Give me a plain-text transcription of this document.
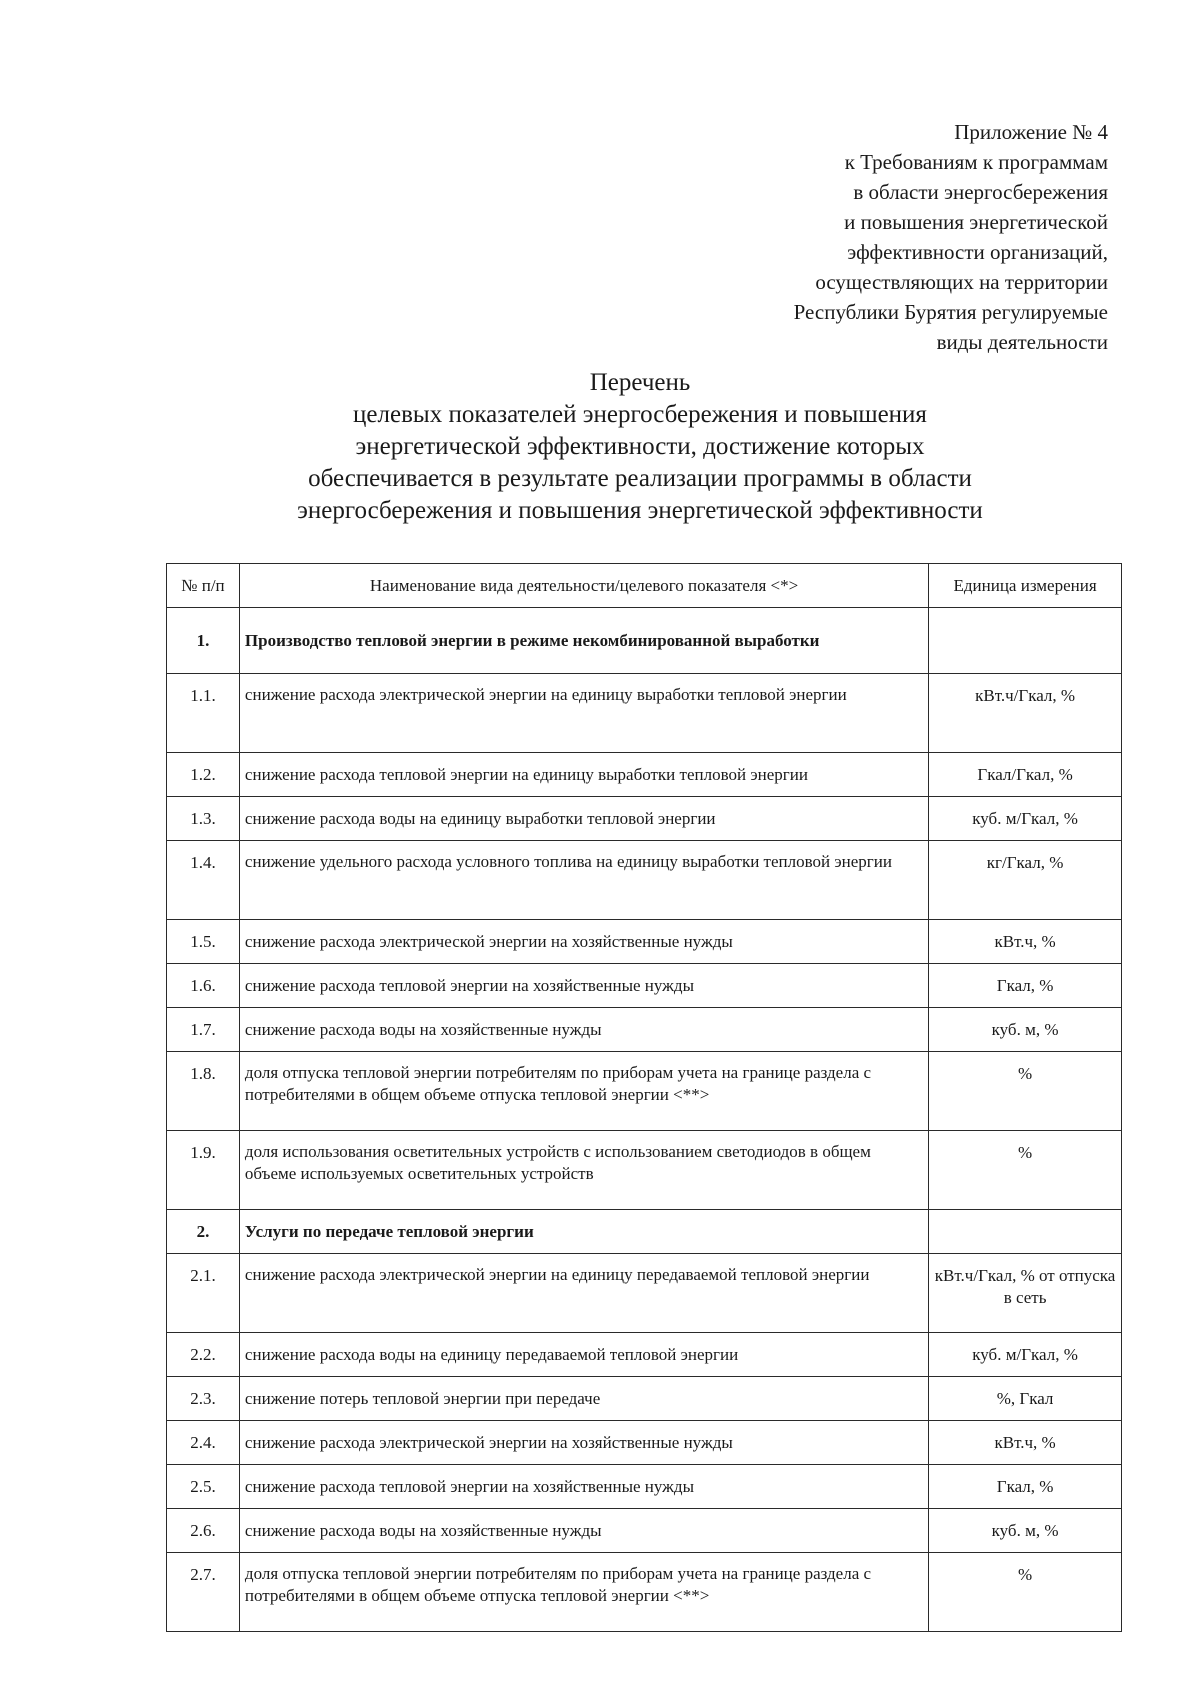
Приложение № 4
к Требованиям к программам
в области энергосбережения
и повышения энергетической
эффективности организаций,
осуществляющих на территории
Республики Бурятия регулируемые
виды деятельности
Перечень
целевых показателей энергосбережения и повышения
энергетической эффективности, достижение которых
обеспечивается в результате реализации программы в области
энергосбережения и повышения энергетической эффективности
№ п/п	Наименование вида деятельности/целевого показателя <*>	Единица измерения
1.	Производство тепловой энергии в режиме некомбинированной выработки	
1.1.	снижение расхода электрической энергии на единицу выработки тепловой энергии	кВт.ч/Гкал, %
1.2.	снижение расхода тепловой энергии на единицу выработки тепловой энергии	Гкал/Гкал, %
1.3.	снижение расхода воды на единицу выработки тепловой энергии	куб. м/Гкал, %
1.4.	снижение удельного расхода условного топлива на единицу выработки тепловой энергии	кг/Гкал, %
1.5.	снижение расхода электрической энергии на хозяйственные нужды	кВт.ч, %
1.6.	снижение расхода тепловой энергии на хозяйственные нужды	Гкал, %
1.7.	снижение расхода воды на хозяйственные нужды	куб. м, %
1.8.	доля отпуска тепловой энергии потребителям по приборам учета на границе раздела с потребителями в общем объеме отпуска тепловой энергии <**>	%
1.9.	доля использования осветительных устройств с использованием светодиодов в общем объеме используемых осветительных устройств	%
2.	Услуги по передаче тепловой энергии	
2.1.	снижение расхода электрической энергии на единицу передаваемой тепловой энергии	кВт.ч/Гкал, % от отпуска в сеть
2.2.	снижение расхода воды на единицу передаваемой тепловой энергии	куб. м/Гкал, %
2.3.	снижение потерь тепловой энергии при передаче	%, Гкал
2.4.	снижение расхода электрической энергии на хозяйственные нужды	кВт.ч, %
2.5.	снижение расхода тепловой энергии на хозяйственные нужды	Гкал, %
2.6.	снижение расхода воды на хозяйственные нужды	куб. м, %
2.7.	доля отпуска тепловой энергии потребителям по приборам учета на границе раздела с потребителями в общем объеме отпуска тепловой энергии <**>	%
